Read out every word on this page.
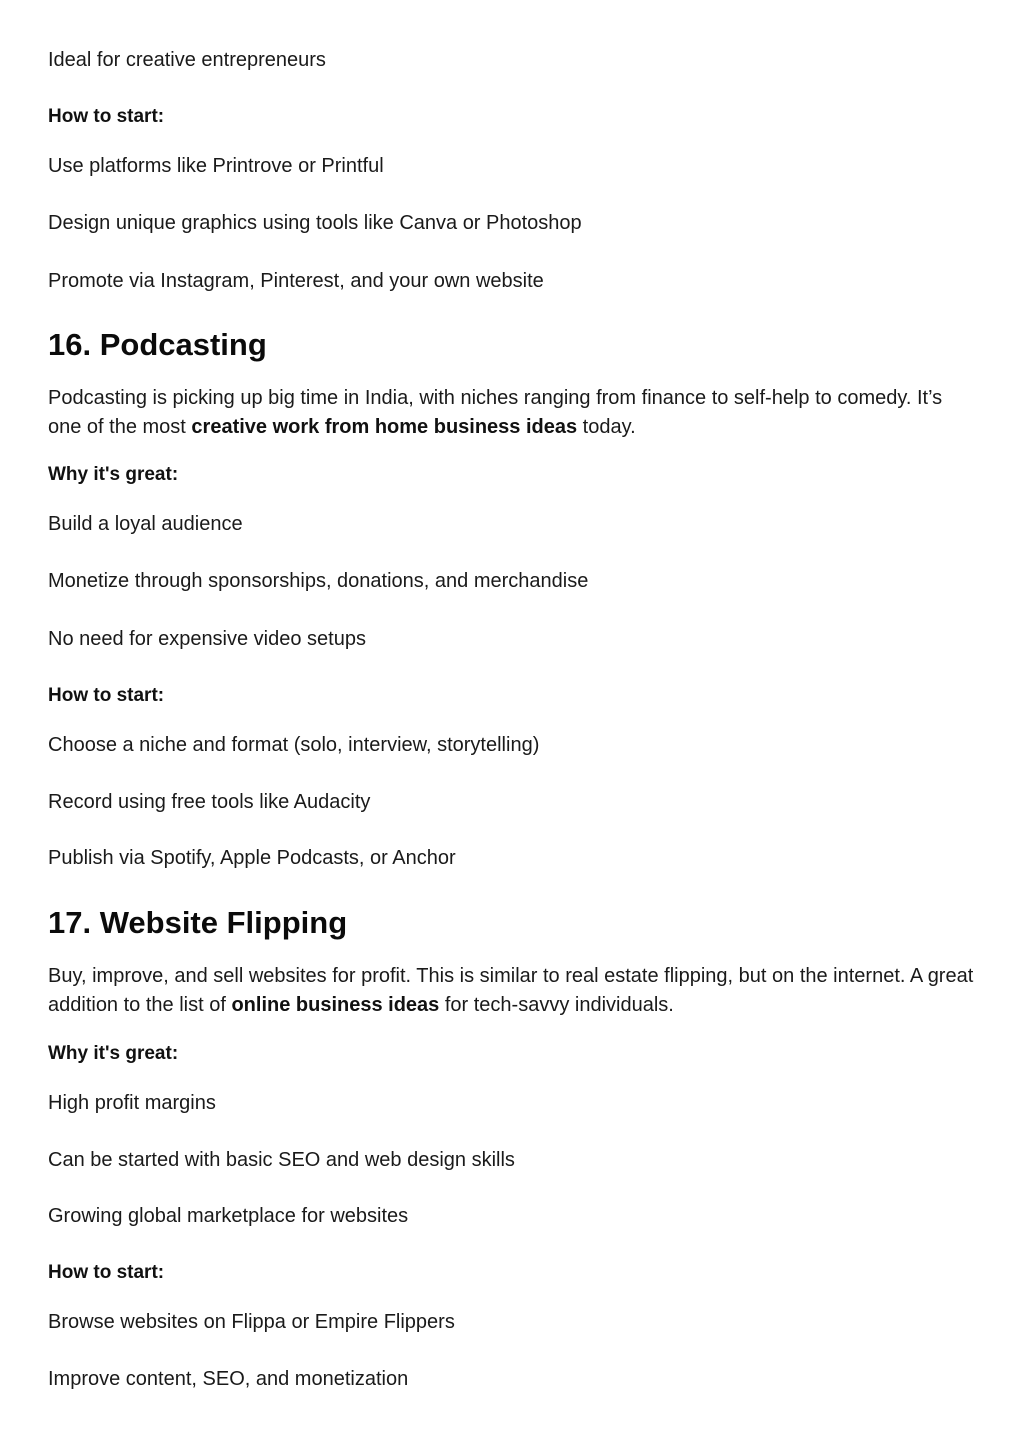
Ideal for creative entrepreneurs
How to start:
Use platforms like Printrove or Printful
Design unique graphics using tools like Canva or Photoshop
Promote via Instagram, Pinterest, and your own website
16. Podcasting
Podcasting is picking up big time in India, with niches ranging from finance to self-help to comedy. It’s one of the most creative work from home business ideas today.
Why it's great:
Build a loyal audience
Monetize through sponsorships, donations, and merchandise
No need for expensive video setups
How to start:
Choose a niche and format (solo, interview, storytelling)
Record using free tools like Audacity
Publish via Spotify, Apple Podcasts, or Anchor
17. Website Flipping
Buy, improve, and sell websites for profit. This is similar to real estate flipping, but on the internet. A great addition to the list of online business ideas for tech-savvy individuals.
Why it's great:
High profit margins
Can be started with basic SEO and web design skills
Growing global marketplace for websites
How to start:
Browse websites on Flippa or Empire Flippers
Improve content, SEO, and monetization
